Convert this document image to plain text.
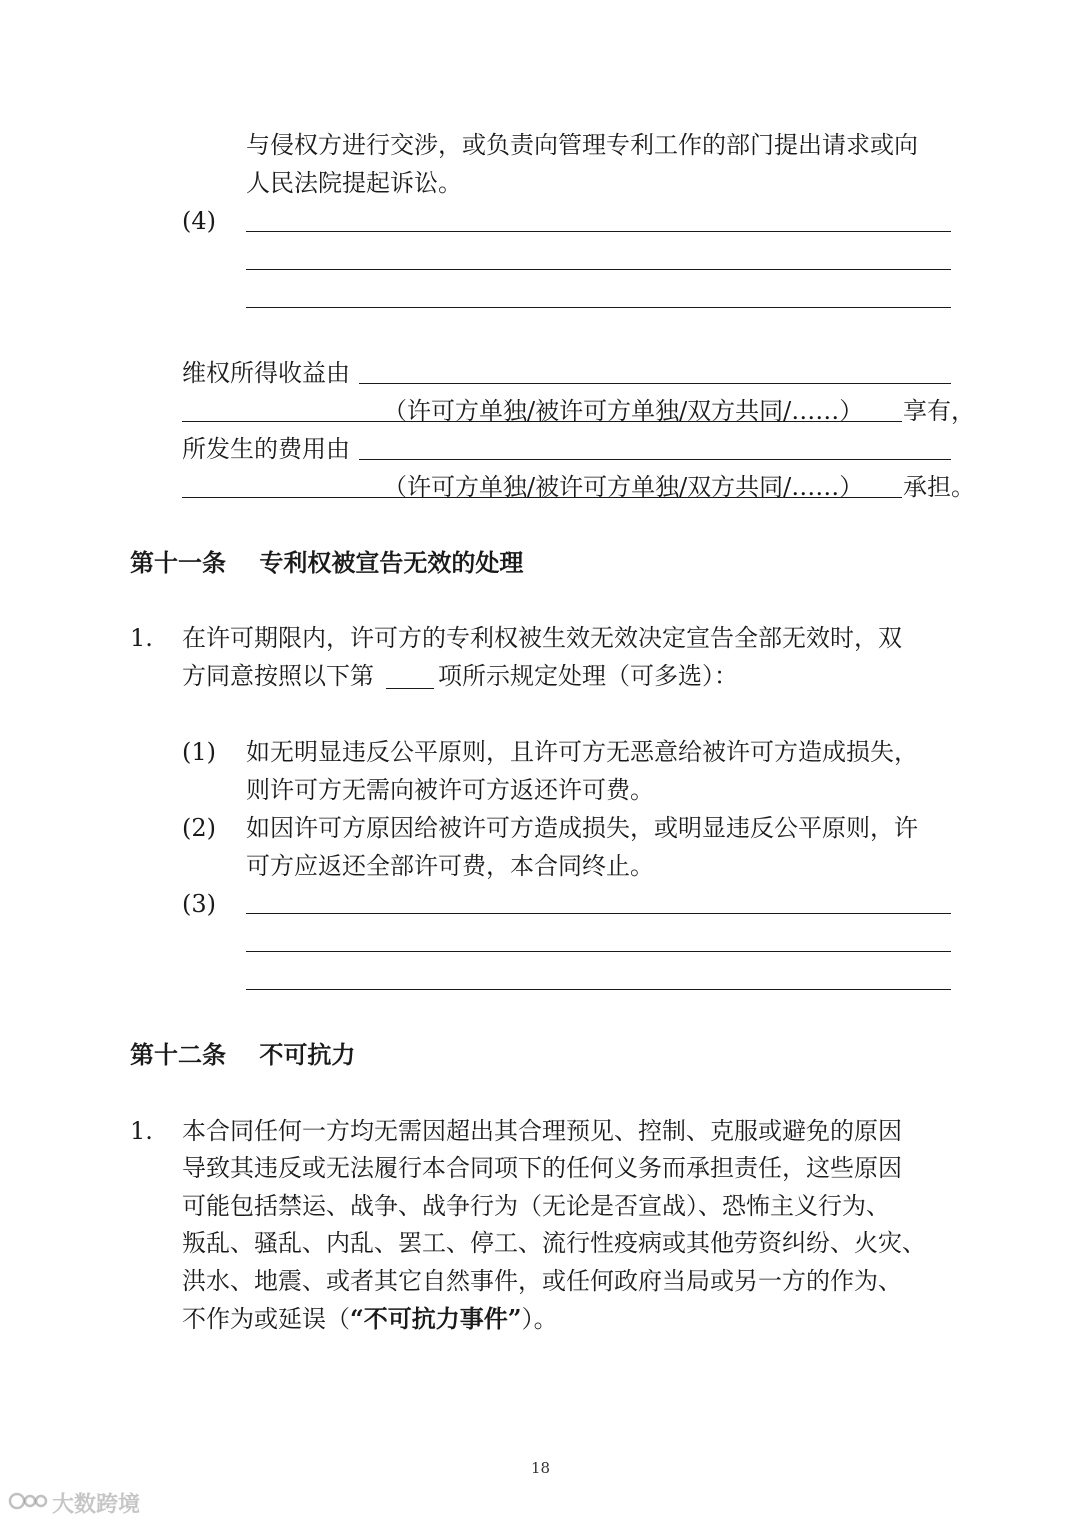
与侵权方进行交涉，或负责向管理专利工作的部门提出请求或向
人民法院提起诉讼。
(4)
维权所得收益由
（许可方单独/被许可方单独/双方共同/……） 享有，
所发生的费用由
（许可方单独/被许可方单独/双方共同/……） 承担。
第十一条    专利权被宣告无效的处理
1. 在许可期限内，许可方的专利权被生效无效决定宣告全部无效时，双
方同意按照以下第	项所示规定处理（可多选）：
(1) 如无明显违反公平原则，且许可方无恶意给被许可方造成损失，
则许可方无需向被许可方返还许可费。
(2) 如因许可方原因给被许可方造成损失，或明显违反公平原则，许
可方应返还全部许可费，本合同终止。
(3)
第十二条    不可抗力
1. 本合同任何一方均无需因超出其合理预见、控制、克服或避免的原因
导致其违反或无法履行本合同项下的任何义务而承担责任，这些原因
可能包括禁运、战争、战争行为（无论是否宣战）、恐怖主义行为、
叛乱、骚乱、内乱、罢工、停工、流行性疫病或其他劳资纠纷、火灾、
洪水、地震、或者其它自然事件，或任何政府当局或另一方的作为、
不作为或延误（“不可抗力事件”）。
18
大数跨境
